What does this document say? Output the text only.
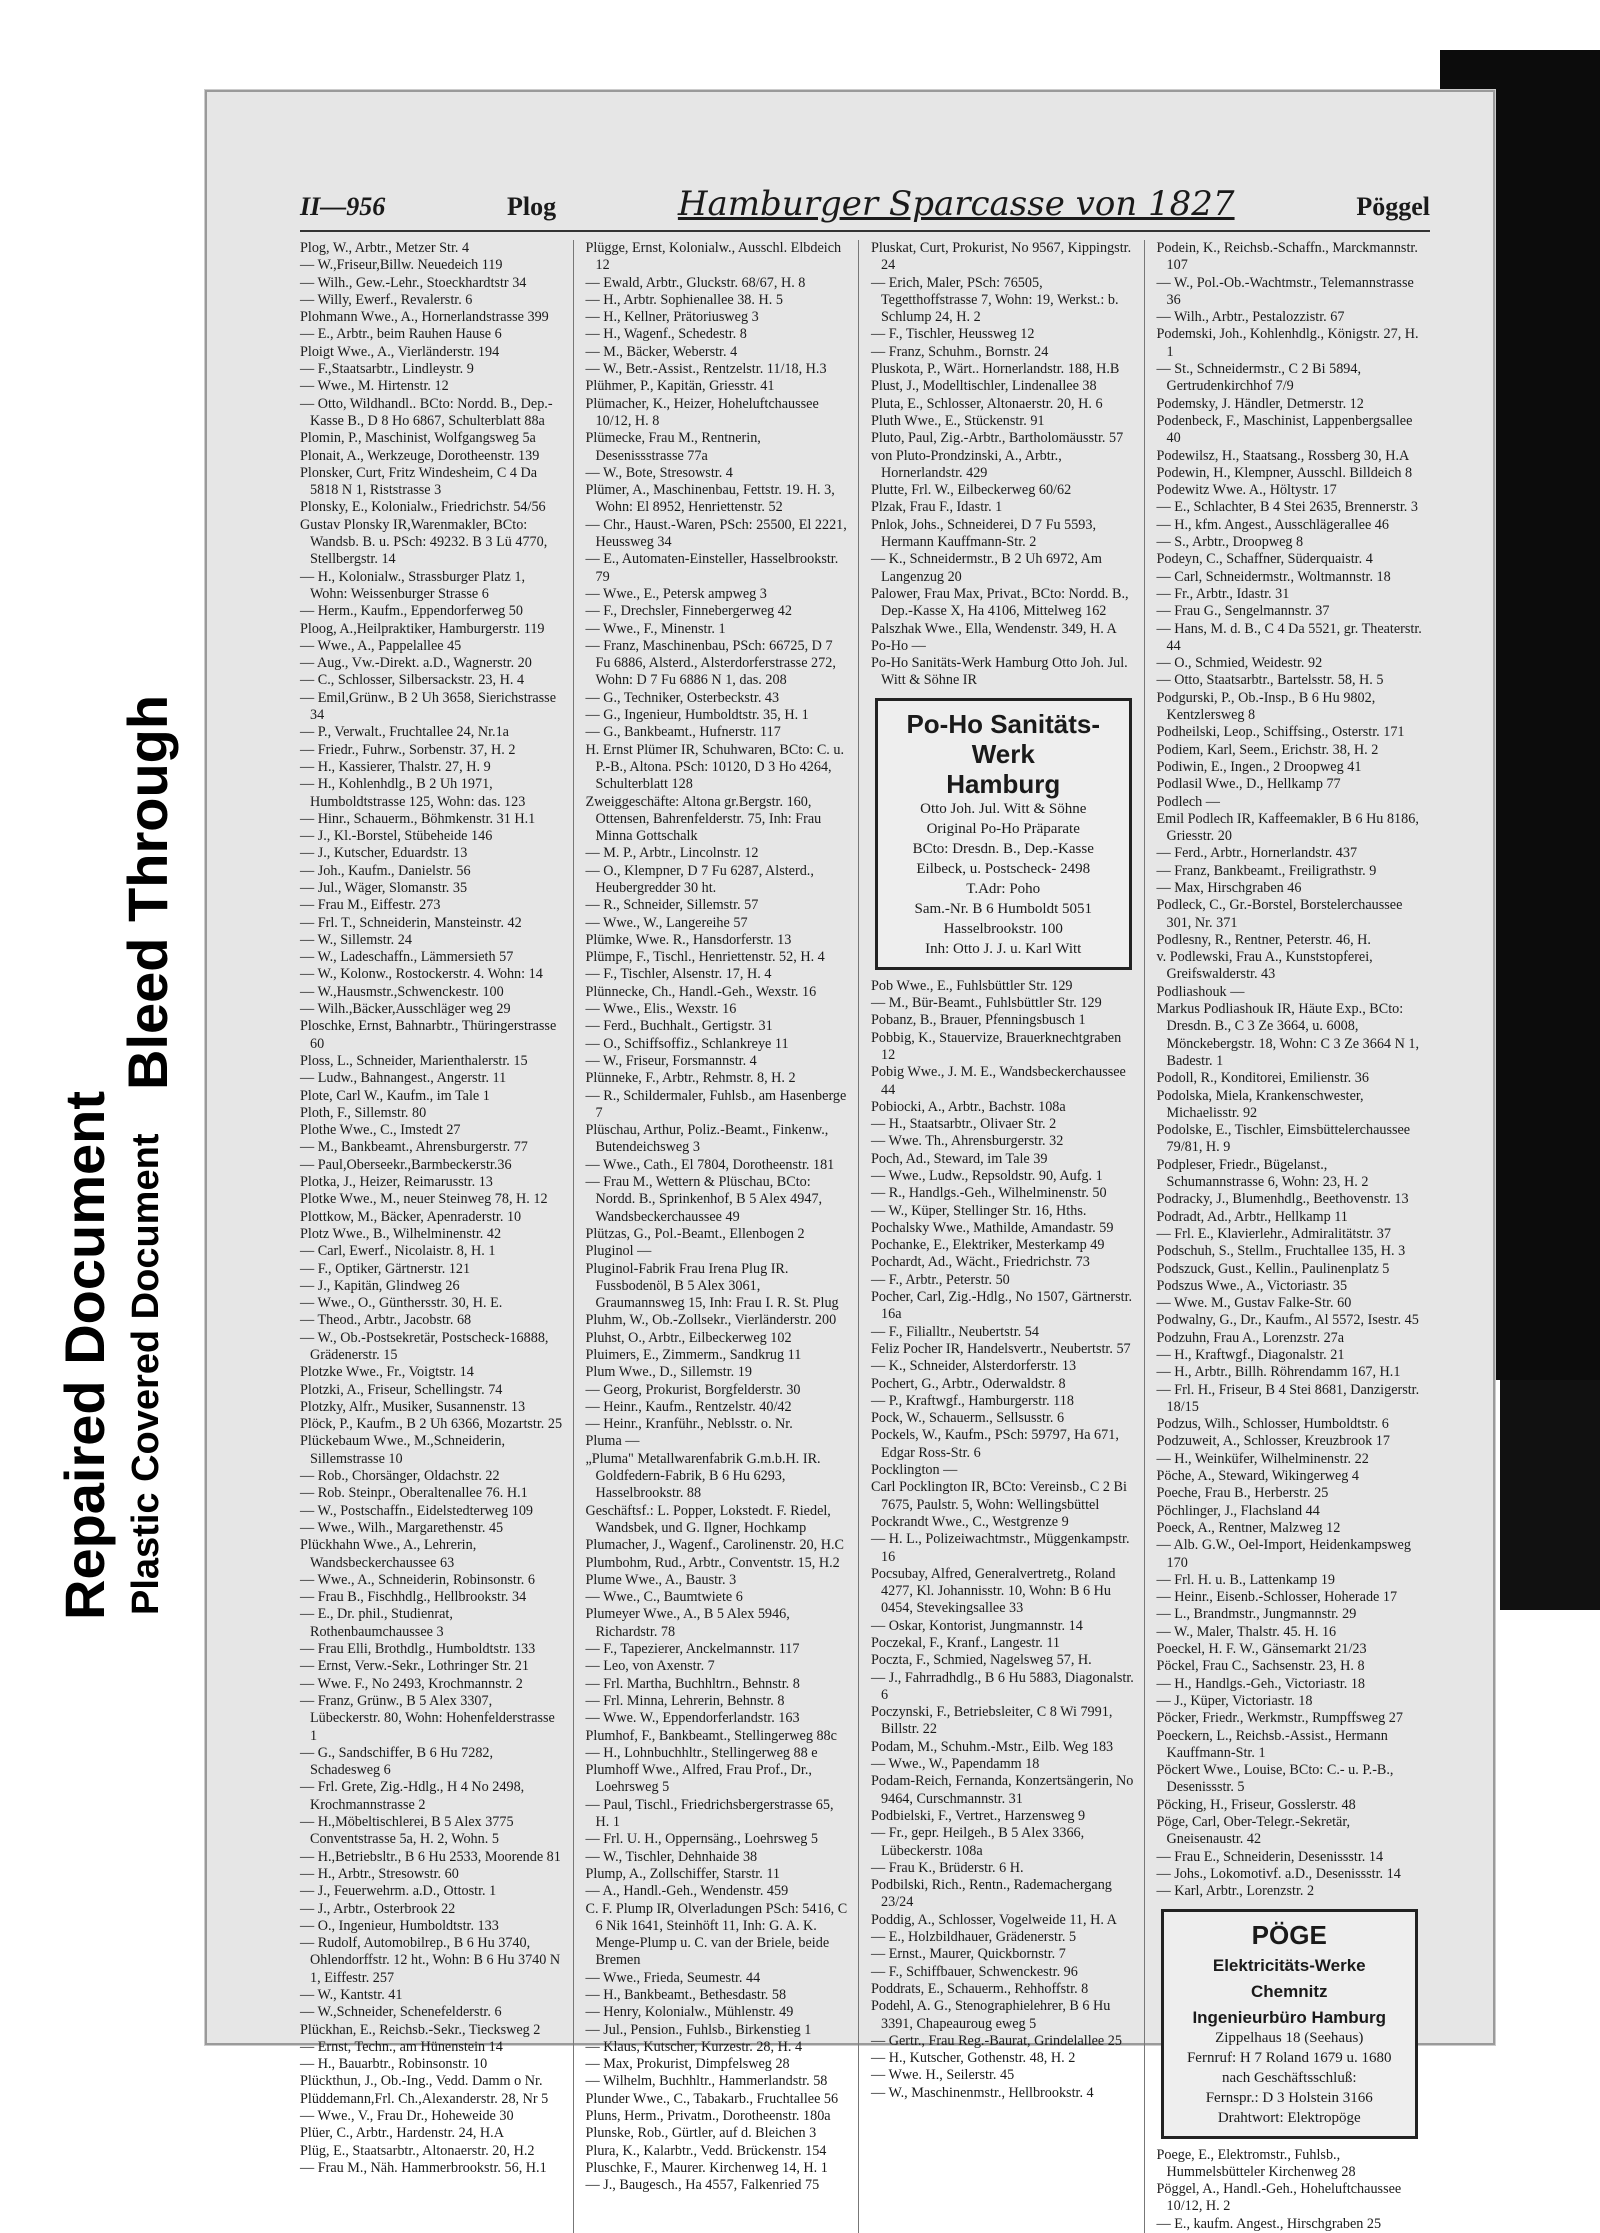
Repaired Document Plastic Covered Document
Bleed Through
II—956	Plog	Hamburger Sparcasse von 1827	Pöggel

Plog, W., Arbtr., Metzer Str. 4

— W.,Friseur,Billw. Neuedeich 119

— Wilh., Gew.-Lehr., Stoeckhardtstr 34

— Willy, Ewerf., Revalerstr. 6

Plohmann Wwe., A., Hornerlandstrasse 399

— E., Arbtr., beim Rauhen Hause 6

Ploigt Wwe., A., Vierländerstr. 194

— F.,Staatsarbtr., Lindleystr. 9

— Wwe., M. Hirtenstr. 12

— Otto, Wildhandl.. BCto: Nordd. B., Dep.-Kasse B., D 8 Ho 6867, Schulterblatt 88a

Plomin, P., Maschinist, Wolfgangsweg 5a

Plonait, A., Werkzeuge, Dorotheenstr. 139

Plonsker, Curt, Fritz Windesheim, C 4 Da 5818 N 1, Riststrasse 3

Plonsky, E., Kolonialw., Friedrichstr. 54/56

Gustav Plonsky IR,Warenmakler, BCto: Wandsb. B. u. PSch: 49232. B 3 Lü 4770, Stellbergstr. 14

— H., Kolonialw., Strassburger Platz 1, Wohn: Weissenburger Strasse 6

— Herm., Kaufm., Eppendorferweg 50

Ploog, A.,Heilpraktiker, Hamburgerstr. 119

— Wwe., A., Pappelallee 45

— Aug., Vw.-Direkt. a.D., Wagnerstr. 20

— C., Schlosser, Silbersackstr. 23, H. 4

— Emil,Grünw., B 2 Uh 3658, Sierichstrasse 34

— P., Verwalt., Fruchtallee 24, Nr.1a

— Friedr., Fuhrw., Sorbenstr. 37, H. 2

— H., Kassierer, Thalstr. 27, H. 9

— H., Kohlenhdlg., B 2 Uh 1971, Humboldtstrasse 125, Wohn: das. 123

— Hinr., Schauerm., Böhmkenstr. 31 H.1

— J., Kl.-Borstel, Stübeheide 146

— J., Kutscher, Eduardstr. 13

— Joh., Kaufm., Danielstr. 56

— Jul., Wäger, Slomanstr. 35

— Frau M., Eiffestr. 273

— Frl. T., Schneiderin, Mansteinstr. 42

— W., Sillemstr. 24

— W., Ladeschaffn., Lämmersieth 57

— W., Kolonw., Rostockerstr. 4. Wohn: 14

— W.,Hausmstr.,Schwenckestr. 100

— Wilh.,Bäcker,Ausschläger weg 29

Ploschke, Ernst, Bahnarbtr., Thüringerstrasse 60

Ploss, L., Schneider, Marienthalerstr. 15

— Ludw., Bahnangest., Angerstr. 11

Plote, Carl W., Kaufm., im Tale 1

Ploth, F., Sillemstr. 80

Plothe Wwe., C., Imstedt 27

— M., Bankbeamt., Ahrensburgerstr. 77

— Paul,Oberseekr.,Barmbeckerstr.36

Plotka, J., Heizer, Reimarusstr. 13

Plotke Wwe., M., neuer Steinweg 78, H. 12

Plottkow, M., Bäcker, Apenraderstr. 10

Plotz Wwe., B., Wilhelminenstr. 42

— Carl, Ewerf., Nicolaistr. 8, H. 1

— F., Optiker, Gärtnerstr. 121

— J., Kapitän, Glindweg 26

— Wwe., O., Günthersstr. 30, H. E.

— Theod., Arbtr., Jacobstr. 68

— W., Ob.-Postsekretär, Postscheck-16888, Grädenerstr. 15

Plotzke Wwe., Fr., Voigtstr. 14

Plotzki, A., Friseur, Schellingstr. 74

Plotzky, Alfr., Musiker, Susannenstr. 13

Plöck, P., Kaufm., B 2 Uh 6366, Mozartstr. 25

Plückebaum Wwe., M.,Schneiderin, Sillemstrasse 10

— Rob., Chorsänger, Oldachstr. 22

— Rob. Steinpr., Oberaltenallee 76. H.1

— W., Postschaffn., Eidelstedterweg 109

— Wwe., Wilh., Margarethenstr. 45

Plückhahn Wwe., A., Lehrerin, Wandsbeckerchaussee 63

— Wwe., A., Schneiderin, Robinsonstr. 6

— Frau B., Fischhdlg., Hellbrookstr. 34

— E., Dr. phil., Studienrat, Rothenbaumchaussee 3

— Frau Elli, Brothdlg., Humboldtstr. 133

— Ernst, Verw.-Sekr., Lothringer Str. 21

— Wwe. F., No 2493, Krochmannstr. 2

— Franz, Grünw., B 5 Alex 3307, Lübeckerstr. 80, Wohn: Hohenfelderstrasse 1

— G., Sandschiffer, B 6 Hu 7282, Schadesweg 6

— Frl. Grete, Zig.-Hdlg., H 4 No 2498, Krochmannstrasse 2

— H.,Möbeltischlerei, B 5 Alex 3775 Conventstrasse 5a, H. 2, Wohn. 5

— H.,Betriebsltr., B 6 Hu 2533, Moorende 81

— H., Arbtr., Stresowstr. 60

— J., Feuerwehrm. a.D., Ottostr. 1

— J., Arbtr., Osterbrook 22

— O., Ingenieur, Humboldtstr. 133

— Rudolf, Automobilrep., B 6 Hu 3740, Ohlendorffstr. 12 ht., Wohn: B 6 Hu 3740 N 1, Eiffestr. 257

— W., Kantstr. 41

— W.,Schneider, Schenefelderstr. 6

Plückhan, E., Reichsb.-Sekr., Tiecksweg 2

— Ernst, Techn., am Hünenstein 14

— H., Bauarbtr., Robinsonstr. 10

Plückthun, J., Ob.-Ing., Vedd. Damm o Nr.

Plüddemann,Frl. Ch.,Alexanderstr. 28, Nr 5

— Wwe., V., Frau Dr., Hoheweide 30

Plüer, C., Arbtr., Hardenstr. 24, H.A

Plüg, E., Staatsarbtr., Altonaerstr. 20, H.2

— Frau M., Näh. Hammerbrookstr. 56, H.1

Plügge, Ernst, Kolonialw., Ausschl. Elbdeich 12

— Ewald, Arbtr., Gluckstr. 68/67, H. 8

— H., Arbtr. Sophienallee 38. H. 5

— H., Kellner, Prätoriusweg 3

— H., Wagenf., Schedestr. 8

— M., Bäcker, Weberstr. 4

— W., Betr.-Assist., Rentzelstr. 11/18, H.3

Plühmer, P., Kapitän, Griesstr. 41

Plümacher, K., Heizer, Hoheluftchaussee 10/12, H. 8

Plümecke, Frau M., Rentnerin, Desenissstrasse 77a

— W., Bote, Stresowstr. 4

Plümer, A., Maschinenbau, Fettstr. 19. H. 3, Wohn: El 8952, Henriettenstr. 52

— Chr., Haust.-Waren, PSch: 25500, El 2221, Heussweg 34

— E., Automaten-Einsteller, Hasselbrookstr. 79

— Wwe., E., Petersk ampweg 3

— F., Drechsler, Finnebergerweg 42

— Wwe., F., Minenstr. 1

— Franz, Maschinenbau, PSch: 66725, D 7 Fu 6886, Alsterd., Alsterdorferstrasse 272, Wohn: D 7 Fu 6886 N 1, das. 208

— G., Techniker, Osterbeckstr. 43

— G., Ingenieur, Humboldtstr. 35, H. 1

— G., Bankbeamt., Hufnerstr. 117

H. Ernst Plümer IR, Schuhwaren, BCto: C. u. P.-B., Altona. PSch: 10120, D 3 Ho 4264, Schulterblatt 128

Zweiggeschäfte: Altona gr.Bergstr. 160, Ottensen, Bahrenfelderstr. 75, Inh: Frau Minna Gottschalk

— M. P., Arbtr., Lincolnstr. 12

— O., Klempner, D 7 Fu 6287, Alsterd., Heubergredder 30 ht.

— R., Schneider, Sillemstr. 57

— Wwe., W., Langereihe 57

Plümke, Wwe. R., Hansdorferstr. 13

Plümpe, F., Tischl., Henriettenstr. 52, H. 4

— F., Tischler, Alsenstr. 17, H. 4

Plünnecke, Ch., Handl.-Geh., Wexstr. 16

— Wwe., Elis., Wexstr. 16

— Ferd., Buchhalt., Gertigstr. 31

— O., Schiffsoffiz., Schlankreye 11

— W., Friseur, Forsmannstr. 4

Plünneke, F., Arbtr., Rehmstr. 8, H. 2

— R., Schildermaler, Fuhlsb., am Hasenberge 7

Plüschau, Arthur, Poliz.-Beamt., Finkenw., Butendeichsweg 3

— Wwe., Cath., El 7804, Dorotheenstr. 181

— Frau M., Wettern & Plüschau, BCto: Nordd. B., Sprinkenhof, B 5 Alex 4947, Wandsbeckerchaussee 49

Plützas, G., Pol.-Beamt., Ellenbogen 2

Pluginol —

Pluginol-Fabrik Frau Irena Plug IR. Fussbodenöl, B 5 Alex 3061, Graumannsweg 15, Inh: Frau I. R. St. Plug

Pluhm, W., Ob.-Zollsekr., Vierländerstr. 200

Pluhst, O., Arbtr., Eilbeckerweg 102

Pluimers, E., Zimmerm., Sandkrug 11

Plum Wwe., D., Sillemstr. 19

— Georg, Prokurist, Borgfelderstr. 30

— Heinr., Kaufm., Rentzelstr. 40/42

— Heinr., Kranführ., Neblsstr. o. Nr.

Pluma —

„Pluma" Metallwarenfabrik G.m.b.H. IR. Goldfedern-Fabrik, B 6 Hu 6293, Hasselbrookstr. 88

Geschäftsf.: L. Popper, Lokstedt. F. Riedel, Wandsbek, und G. Ilgner, Hochkamp

Plumacher, J., Wagenf., Carolinenstr. 20, H.C

Plumbohm, Rud., Arbtr., Conventstr. 15, H.2

Plume Wwe., A., Baustr. 3

— Wwe., C., Baumtwiete 6

Plumeyer Wwe., A., B 5 Alex 5946, Richardstr. 78

— F., Tapezierer, Anckelmannstr. 117

— Leo, von Axenstr. 7

— Frl. Martha, Buchhltrn., Behnstr. 8

— Frl. Minna, Lehrerin, Behnstr. 8

— Wwe. W., Eppendorferlandstr. 163

Plumhof, F., Bankbeamt., Stellingerweg 88c

— H., Lohnbuchhltr., Stellingerweg 88 e

Plumhoff Wwe., Alfred, Frau Prof., Dr., Loehrsweg 5

— Paul, Tischl., Friedrichsbergerstrasse 65, H. 1

— Frl. U. H., Oppernsäng., Loehrsweg 5

— W., Tischler, Dehnhaide 38

Plump, A., Zollschiffer, Starstr. 11

— A., Handl.-Geh., Wendenstr. 459

C. F. Plump IR, Olverladungen PSch: 5416, C 6 Nik 1641, Steinhöft 11, Inh: G. A. K. Menge-Plump u. C. van der Briele, beide Bremen

— Wwe., Frieda, Seumestr. 44

— H., Bankbeamt., Bethesdastr. 58

— Henry, Kolonialw., Mühlenstr. 49

— Jul., Pension., Fuhlsb., Birkenstieg 1

— Klaus, Kutscher, Kurzestr. 28, H. 4

— Max, Prokurist, Dimpfelsweg 28

— Wilhelm, Buchhltr., Hammerlandstr. 58

Plunder Wwe., C., Tabakarb., Fruchtallee 56

Pluns, Herm., Privatm., Dorotheenstr. 180a

Plunske, Rob., Gürtler, auf d. Bleichen 3

Plura, K., Kalarbtr., Vedd. Brückenstr. 154

Pluschke, F., Maurer. Kirchenweg 14, H. 1

— J., Baugesch., Ha 4557, Falkenried 75

Pluskat, Curt, Prokurist, No 9567, Kippingstr. 24

— Erich, Maler, PSch: 76505, Tegetthoffstrasse 7, Wohn: 19, Werkst.: b. Schlump 24, H. 2

— F., Tischler, Heussweg 12

— Franz, Schuhm., Bornstr. 24

Pluskota, P., Wärt.. Hornerlandstr. 188, H.B

Plust, J., Modelltischler, Lindenallee 38

Pluta, E., Schlosser, Altonaerstr. 20, H. 6

Pluth Wwe., E., Stückenstr. 91

Pluto, Paul, Zig.-Arbtr., Bartholomäusstr. 57

von Pluto-Prondzinski, A., Arbtr., Hornerlandstr. 429

Plutte, Frl. W., Eilbeckerweg 60/62

Plzak, Frau F., Idastr. 1

Pnlok, Johs., Schneiderei, D 7 Fu 5593, Hermann Kauffmann-Str. 2

— K., Schneidermstr., B 2 Uh 6972, Am Langenzug 20

Palower, Frau Max, Privat., BCto: Nordd. B., Dep.-Kasse X, Ha 4106, Mittelweg 162

Palszhak Wwe., Ella, Wendenstr. 349, H. A

Po-Ho —

Po-Ho Sanitäts-Werk Hamburg Otto Joh. Jul. Witt & Söhne IR

Po-Ho Sanitäts-Werk
Hamburg
Otto Joh. Jul. Witt & Söhne
Original Po-Ho Präparate
BCto: Dresdn. B., Dep.-Kasse
Eilbeck, u. Postscheck- 2498
T.Adr: Poho
Sam.-Nr. B 6 Humboldt 5051
Hasselbrookstr. 100
Inh: Otto J. J. u. Karl Witt

Pob Wwe., E., Fuhlsbüttler Str. 129

— M., Bür-Beamt., Fuhlsbüttler Str. 129

Pobanz, B., Brauer, Pfenningsbusch 1

Pobbig, K., Stauervize, Brauerknechtgraben 12

Pobig Wwe., J. M. E., Wandsbeckerchaussee 44

Pobiocki, A., Arbtr., Bachstr. 108a

— H., Staatsarbtr., Olivaer Str. 2

— Wwe. Th., Ahrensburgerstr. 32

Poch, Ad., Steward, im Tale 39

— Wwe., Ludw., Repsoldstr. 90, Aufg. 1

— R., Handlgs.-Geh., Wilhelminenstr. 50

— W., Küper, Stellinger Str. 16, Hths.

Pochalsky Wwe., Mathilde, Amandastr. 59

Pochanke, E., Elektriker, Mesterkamp 49

Pochardt, Ad., Wächt., Friedrichstr. 73

— F., Arbtr., Peterstr. 50

Pocher, Carl, Zig.-Hdlg., No 1507, Gärtnerstr. 16a

— F., Filialltr., Neubertstr. 54

Feliz Pocher IR, Handelsvertr., Neubertstr. 57

— K., Schneider, Alsterdorferstr. 13

Pochert, G., Arbtr., Oderwaldstr. 8

— P., Kraftwgf., Hamburgerstr. 118

Pock, W., Schauerm., Sellsusstr. 6

Pockels, W., Kaufm., PSch: 59797, Ha 671, Edgar Ross-Str. 6

Pocklington —

Carl Pocklington IR, BCto: Vereinsb., C 2 Bi 7675, Paulstr. 5, Wohn: Wellingsbüttel

Pockrandt Wwe., C., Westgrenze 9

— H. L., Polizeiwachtmstr., Müggenkampstr. 16

Pocsubay, Alfred, Generalvertretg., Roland 4277, Kl. Johannisstr. 10, Wohn: B 6 Hu 0454, Stevekingsallee 33

— Oskar, Kontorist, Jungmannstr. 14

Poczekal, F., Kranf., Langestr. 11

Poczta, F., Schmied, Nagelsweg 57, H.

— J., Fahrradhdlg., B 6 Hu 5883, Diagonalstr. 6

Poczynski, F., Betriebsleiter, C 8 Wi 7991, Billstr. 22

Podam, M., Schuhm.-Mstr., Eilb. Weg 183

— Wwe., W., Papendamm 18

Podam-Reich, Fernanda, Konzertsängerin, No 9464, Curschmannstr. 31

Podbielski, F., Vertret., Harzensweg 9

— Fr., gepr. Heilgeh., B 5 Alex 3366, Lübeckerstr. 108a

— Frau K., Brüderstr. 6 H.

Podbilski, Rich., Rentn., Rademachergang 23/24

Poddig, A., Schlosser, Vogelweide 11, H. A

— E., Holzbildhauer, Grädenerstr. 5

— Ernst., Maurer, Quickbornstr. 7

— F., Schiffbauer, Schwenckestr. 96

Poddrats, E., Schauerm., Rehhoffstr. 8

Podehl, A. G., Stenographielehrer, B 6 Hu 3391, Chapeauroug eweg 5

— Gertr., Frau Reg.-Baurat, Grindelallee 25

— H., Kutscher, Gothenstr. 48, H. 2

— Wwe. H., Seilerstr. 45

— W., Maschinenmstr., Hellbrookstr. 4

Podein, K., Reichsb.-Schaffn., Marckmannstr. 107

— W., Pol.-Ob.-Wachtmstr., Telemannstrasse 36

— Wilh., Arbtr., Pestalozzistr. 67

Podemski, Joh., Kohlenhdlg., Königstr. 27, H. 1

— St., Schneidermstr., C 2 Bi 5894, Gertrudenkirchhof 7/9

Podemsky, J. Händler, Detmerstr. 12

Podenbeck, F., Maschinist, Lappenbergsallee 40

Podewilsz, H., Staatsang., Rossberg 30, H.A

Podewin, H., Klempner, Ausschl. Billdeich 8

Podewitz Wwe. A., Höltystr. 17

— E., Schlachter, B 4 Stei 2635, Brennerstr. 3

— H., kfm. Angest., Ausschlägerallee 46

— S., Arbtr., Droopweg 8

Podeyn, C., Schaffner, Süderquaistr. 4

— Carl, Schneidermstr., Woltmannstr. 18

— Fr., Arbtr., Idastr. 31

— Frau G., Sengelmannstr. 37

— Hans, M. d. B., C 4 Da 5521, gr. Theaterstr. 44

— O., Schmied, Weidestr. 92

— Otto, Staatsarbtr., Bartelsstr. 58, H. 5

Podgurski, P., Ob.-Insp., B 6 Hu 9802, Kentzlersweg 8

Podheilski, Leop., Schiffsing., Osterstr. 171

Podiem, Karl, Seem., Erichstr. 38, H. 2

Podiwin, E., Ingen., 2 Droopweg 41

Podlasil Wwe., D., Hellkamp 77

Podlech —

Emil Podlech IR, Kaffeemakler, B 6 Hu 8186, Griesstr. 20

— Ferd., Arbtr., Hornerlandstr. 437

— Franz, Bankbeamt., Freiligrathstr. 9

— Max, Hirschgraben 46

Podleck, C., Gr.-Borstel, Borstelerchaussee 301, Nr. 371

Podlesny, R., Rentner, Peterstr. 46, H.

v. Podlewski, Frau A., Kunststopferei, Greifswalderstr. 43

Podliashouk —

Markus Podliashouk IR, Häute Exp., BCto: Dresdn. B., C 3 Ze 3664, u. 6008, Mönckebergstr. 18, Wohn: C 3 Ze 3664 N 1, Badestr. 1

Podoll, R., Konditorei, Emilienstr. 36

Podolska, Miela, Krankenschwester, Michaelisstr. 92

Podolske, E., Tischler, Eimsbüttelerchaussee 79/81, H. 9

Podpleser, Friedr., Bügelanst., Schumannstrasse 6, Wohn: 23, H. 2

Podracky, J., Blumenhdlg., Beethovenstr. 13

Podradt, Ad., Arbtr., Hellkamp 11

— Frl. E., Klavierlehr., Admiralitätstr. 37

Podschuh, S., Stellm., Fruchtallee 135, H. 3

Podszuck, Gust., Kellin., Paulinenplatz 5

Podszus Wwe., A., Victoriastr. 35

— Wwe. M., Gustav Falke-Str. 60

Podwalny, G., Dr., Kaufm., Al 5572, Isestr. 45

Podzuhn, Frau A., Lorenzstr. 27a

— H., Kraftwgf., Diagonalstr. 21

— H., Arbtr., Billh. Röhrendamm 167, H.1

— Frl. H., Friseur, B 4 Stei 8681, Danzigerstr. 18/15

Podzus, Wilh., Schlosser, Humboldtstr. 6

Podzuweit, A., Schlosser, Kreuzbrook 17

— H., Weinküfer, Wilhelminenstr. 22

Pöche, A., Steward, Wikingerweg 4

Poeche, Frau B., Herberstr. 25

Pöchlinger, J., Flachsland 44

Poeck, A., Rentner, Malzweg 12

— Alb. G.W., Oel-Import, Heidenkampsweg 170

— Frl. H. u. B., Lattenkamp 19

— Heinr., Eisenb.-Schlosser, Hoherade 17

— L., Brandmstr., Jungmannstr. 29

— W., Maler, Thalstr. 45. H. 16

Poeckel, H. F. W., Gänsemarkt 21/23

Pöckel, Frau C., Sachsenstr. 23, H. 8

— H., Handlgs.-Geh., Victoriastr. 18

— J., Küper, Victoriastr. 18

Pöcker, Friedr., Werkmstr., Rumpffsweg 27

Poeckern, L., Reichsb.-Assist., Hermann Kauffmann-Str. 1

Pöckert Wwe., Louise, BCto: C.- u. P.-B., Desenissstr. 5

Pöcking, H., Friseur, Gosslerstr. 48

Pöge, Carl, Ober-Telegr.-Sekretär, Gneisenaustr. 42

— Frau E., Schneiderin, Desenissstr. 14

— Johs., Lokomotivf. a.D., Desenissstr. 14

— Karl, Arbtr., Lorenzstr. 2

PÖGE
Elektricitäts-Werke
Chemnitz
Ingenieurbüro Hamburg
Zippelhaus 18 (Seehaus)
Fernruf: H 7 Roland 1679 u. 1680
nach Geschäftsschluß:
Fernspr.: D 3 Holstein 3166
Drahtwort: Elektropöge

Poege, E., Elektromstr., Fuhlsb., Hummelsbütteler Kirchenweg 28

Pöggel, A., Handl.-Geh., Hoheluftchaussee 10/12, H. 2

— E., kaufm. Angest., Hirschgraben 25
